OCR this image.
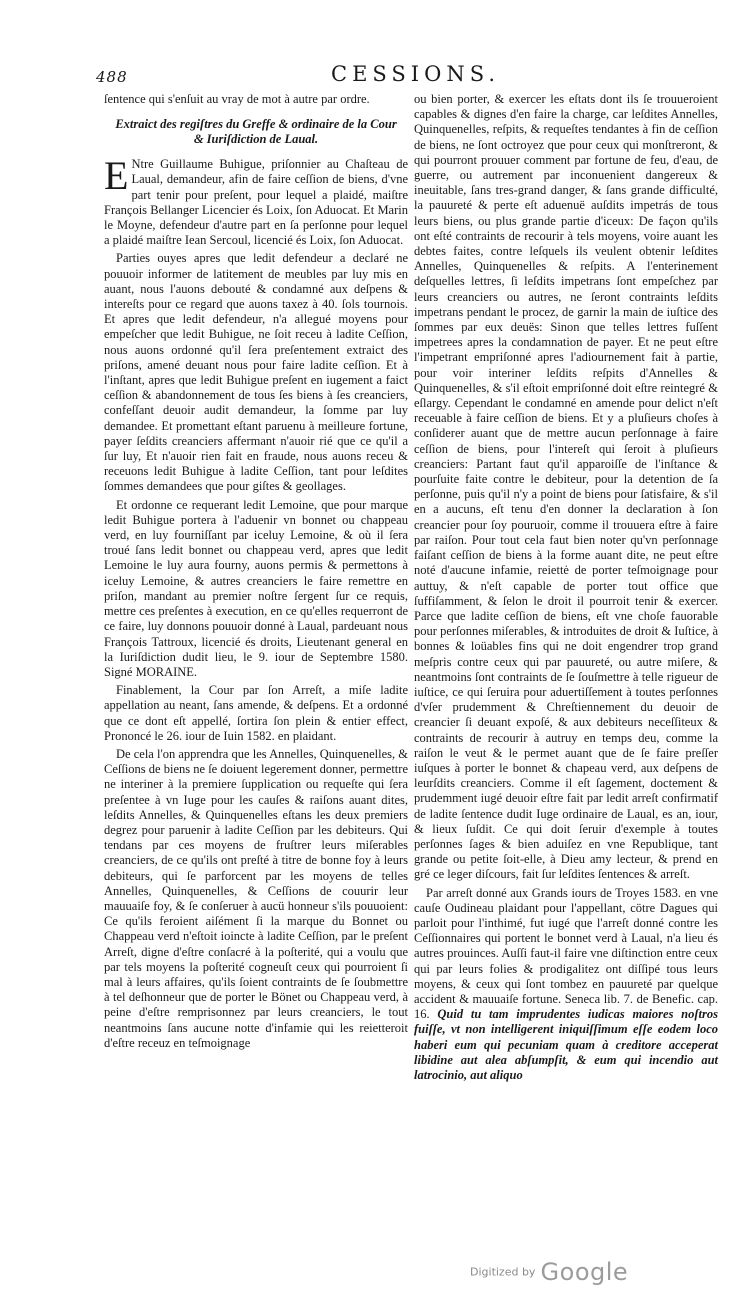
488	CESSIONS.

ſentence qui s'enſuit au vray de mot à autre par ordre.

Extraict des regiſtres du Greffe & ordinaire de la Cour & Iuriſdiction de Laual.

E Ntre Guillaume Buhigue, priſonnier au Chaſteau de Laual, demandeur, afin de faire ceſſion de biens, d'vne part tenir pour preſent, pour lequel a plaidé, maiſtre François Bellanger Licencier és Loix, ſon Aduocat. Et Marin le Moyne, defendeur d'autre part en ſa perſonne pour lequel a plaidé maiſtre Iean Sercoul, licencié és Loix, ſon Aduocat.

Parties ouyes apres que ledit defendeur a declaré ne pouuoir informer de latitement de meubles par luy mis en auant, nous l'auons debouté & condamné aux deſpens & intereſts pour ce regard que auons taxez à 40. ſols tournois. Et apres que ledit defendeur, n'a allegué moyens pour empeſcher que ledit Buhigue, ne ſoit receu à ladite Ceſſion, nous auons ordonné qu'il ſera preſentement extraict des priſons, amené deuant nous pour faire ladite ceſſion. Et à l'inſtant, apres que ledit Buhigue preſent en iugement a faict ceſſion & abandonnement de tous ſes biens à ſes creanciers, confeſſant deuoir audit demandeur, la ſomme par luy demandee. Et promettant eſtant paruenu à meilleure fortune, payer ſeſdits creanciers affermant n'auoir rié que ce qu'il a ſur luy, Et n'auoir rien fait en fraude, nous auons receu & receuons ledit Buhigue à ladite Ceſſion, tant pour leſdites ſommes demandees que pour giſtes & geollages.

Et ordonne ce requerant ledit Lemoine, que pour marque ledit Buhigue portera à l'aduenir vn bonnet ou chappeau verd, en luy fourniſſant par iceluy Lemoine, & où il ſera troué ſans ledit bonnet ou chappeau verd, apres que ledit Lemoine le luy aura fourny, auons permis & permettons à iceluy Lemoine, & autres creanciers le faire remettre en priſon, mandant au premier noſtre ſergent ſur ce requis, mettre ces preſentes à execution, en ce qu'elles requerront de ce faire, luy donnons pouuoir donné à Laual, pardeuant nous François Tattroux, licencié és droits, Lieutenant general en la Iuriſdiction dudit lieu, le 9. iour de Septembre 1580. Signé MORAINE.

Finablement, la Cour par ſon Arreſt, a miſe ladite appellation au neant, ſans amende, & deſpens. Et a ordonné que ce dont eſt appellé, ſortira ſon plein & entier effect, Prononcé le 26. iour de Iuin 1582. en plaidant.

De cela l'on apprendra que les Annelles, Quinquenelles, & Ceſſions de biens ne ſe doiuent legerement donner, permettre ne interiner à la premiere ſupplication ou requeſte qui ſera preſentee à vn Iuge pour les cauſes & raiſons auant dites, leſdits Annelles, & Quinquenelles eſtans les deux premiers degrez pour paruenir à ladite Ceſſion par les debiteurs. Qui tendans par ces moyens de fruſtrer leurs miſerables creanciers, de ce qu'ils ont preſté à titre de bonne foy à leurs debiteurs, qui ſe parforcent par les moyens de telles Annelles, Quinquenelles, & Ceſſions de couurir leur mauuaiſe foy, & ſe conſeruer à aucü honneur s'ils pouuoient: Ce qu'ils feroient aiſément ſi la marque du Bonnet ou Chappeau verd n'eſtoit ioincte à ladite Ceſſion, par le preſent Arreſt, digne d'eſtre conſacré à la poſterité, qui a voulu que par tels moyens la poſterité cogneuſt ceux qui pourroient ſi mal à leurs affaires, qu'ils ſoient contraints de ſe ſoubmettre à tel deſhonneur que de porter le Bönet ou Chappeau verd, à peine d'eſtre remprisonnez par leurs creanciers, le tout neantmoins ſans aucune notte d'infamie qui les reietteroit d'eſtre receuz en teſmoignage

ou bien porter, & exercer les eſtats dont ils ſe trouueroient capables & dignes d'en faire la charge, car leſdites Annelles, Quinquenelles, reſpits, & requeſtes tendantes à fin de ceſſion de biens, ne ſont octroyez que pour ceux qui monſtreront, & qui pourront prouuer comment par fortune de feu, d'eau, de guerre, ou autrement par inconuenient dangereux & ineuitable, ſans tres-grand danger, & ſans grande difficulté, la pauureté & perte eſt aduenuë auſdits impetrás de tous leurs biens, ou plus grande partie d'iceux: De façon qu'ils ont eſté contraints de recourir à tels moyens, voire auant les debtes faites, contre leſquels ils veulent obtenir leſdites Annelles, Quinquenelles & reſpits. A l'enterinement deſquelles lettres, ſi leſdits impetrans ſont empeſchez par leurs creanciers ou autres, ne ſeront contraints leſdits impetrans pendant le procez, de garnir la main de iuſtice des ſommes par eux deuës: Sinon que telles lettres fuſſent impetrees apres la condamnation de payer. Et ne peut eſtre l'impetrant empriſonné apres l'adiournement fait à partie, pour voir interiner leſdits reſpits d'Annelles & Quinquenelles, & s'il eſtoit empriſonné doit eſtre reintegré & eſlargy. Cependant le condamné en amende pour delict n'eſt receuable à faire ceſſion de biens. Et y a pluſieurs choſes à conſiderer auant que de mettre aucun perſonnage à faire ceſſion de biens, pour l'intereſt qui ſeroit à pluſieurs creanciers: Partant faut qu'il apparoiſſe de l'inſtance & pourſuite faite contre le debiteur, pour la detention de ſa perſonne, puis qu'il n'y a point de biens pour ſatisfaire, & s'il en a aucuns, eſt tenu d'en donner la declaration à ſon creancier pour ſoy pouruoir, comme il trouuera eſtre à faire par raiſon. Pour tout cela faut bien noter qu'vn perſonnage faiſant ceſſion de biens à la forme auant dite, ne peut eſtre noté d'aucune infamie, reiettė de porter teſmoignage pour auttuy, & n'eſt capable de porter tout office que ſuffiſamment, & ſelon le droit il pourroit tenir & exercer. Parce que ladite ceſſion de biens, eſt vne choſe fauorable pour perſonnes miſerables, & introduites de droit & Iuſtice, à bonnes & loüables fins qui ne doit engendrer trop grand meſpris contre ceux qui par pauureté, ou autre miſere, & neantmoins ſont contraints de ſe ſouſmettre à telle rigueur de iuſtice, ce qui ſeruira pour aduertiſſement à toutes perſonnes d'vſer prudemment & Chreſtiennement du deuoir de creancier ſi deuant expoſé, & aux debiteurs neceſſiteux & contraints de recourir à autruy en temps deu, comme la raiſon le veut & le permet auant que de ſe faire preſſer iuſques à porter le bonnet & chapeau verd, aux deſpens de leurſdits creanciers. Comme il eſt ſagement, doctement & prudemment iugé deuoir eſtre fait par ledit arreſt confirmatif de ladite ſentence dudit Iuge ordinaire de Laual, es an, iour, & lieux ſuſdit. Ce qui doit ſeruir d'exemple à toutes perſonnes ſages & bien aduiſez en vne Republique, tant grande ou petite ſoit-elle, à Dieu amy lecteur, & prend en gré ce leger diſcours, fait ſur leſdites ſentences & arreſt.

Par arreſt donné aux Grands iours de Troyes 1583. en vne cauſe Oudineau plaidant pour l'appellant, cötre Dagues qui parloit pour l'inthimé, fut iugé que l'arreſt donné contre les Ceſſionnaires qui portent le bonnet verd à Laual, n'a lieu és autres prouinces. Auſſi faut-il faire vne diſtinction entre ceux qui par leurs folies & prodigalitez ont diſſipé tous leurs moyens, & ceux qui ſont tombez en pauureté par quelque accident & mauuaiſe fortune. Seneca lib. 7. de Benefic. cap. 16. Quid tu tam imprudentes iudicas maiores noſtros fuiſſe, vt non intelligerent iniquiſſimum eſſe eodem loco haberi eum qui pecuniam quam à creditore acceperat libidine aut alea abſumpſit, & eum qui incendio aut latrocinio, aut aliquo

Digitized by Google
